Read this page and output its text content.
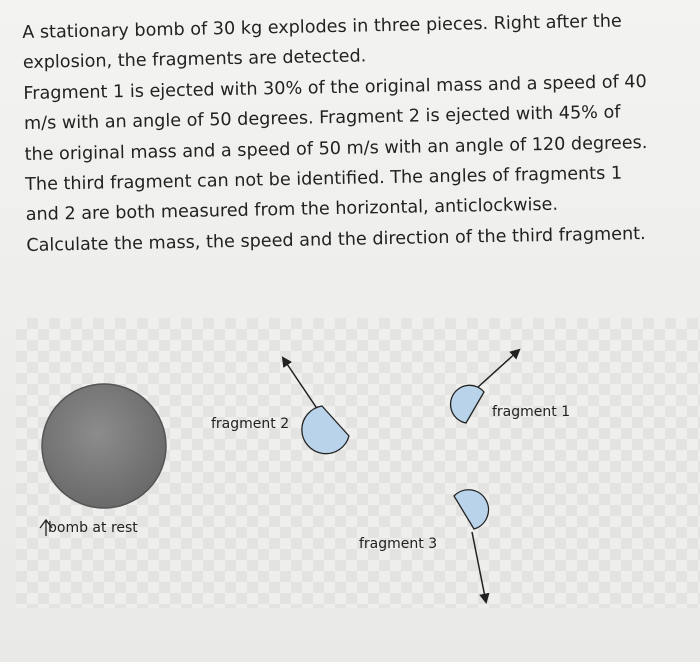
A stationary bomb of 30 kg explodes in three pieces. Right after the
explosion, the fragments are detected.
Fragment 1 is ejected with 30% of the original mass and a speed of 40
m/s with an angle of 50 degrees. Fragment 2 is ejected with 45% of
the original mass and a speed of 50 m/s with an angle of 120 degrees.
The third fragment can not be identified. The angles of fragments 1
and 2 are both measured from the horizontal, anticlockwise.
Calculate the mass, the speed and the direction of the third fragment.
bomb at rest
fragment 2
fragment 1
fragment 3
